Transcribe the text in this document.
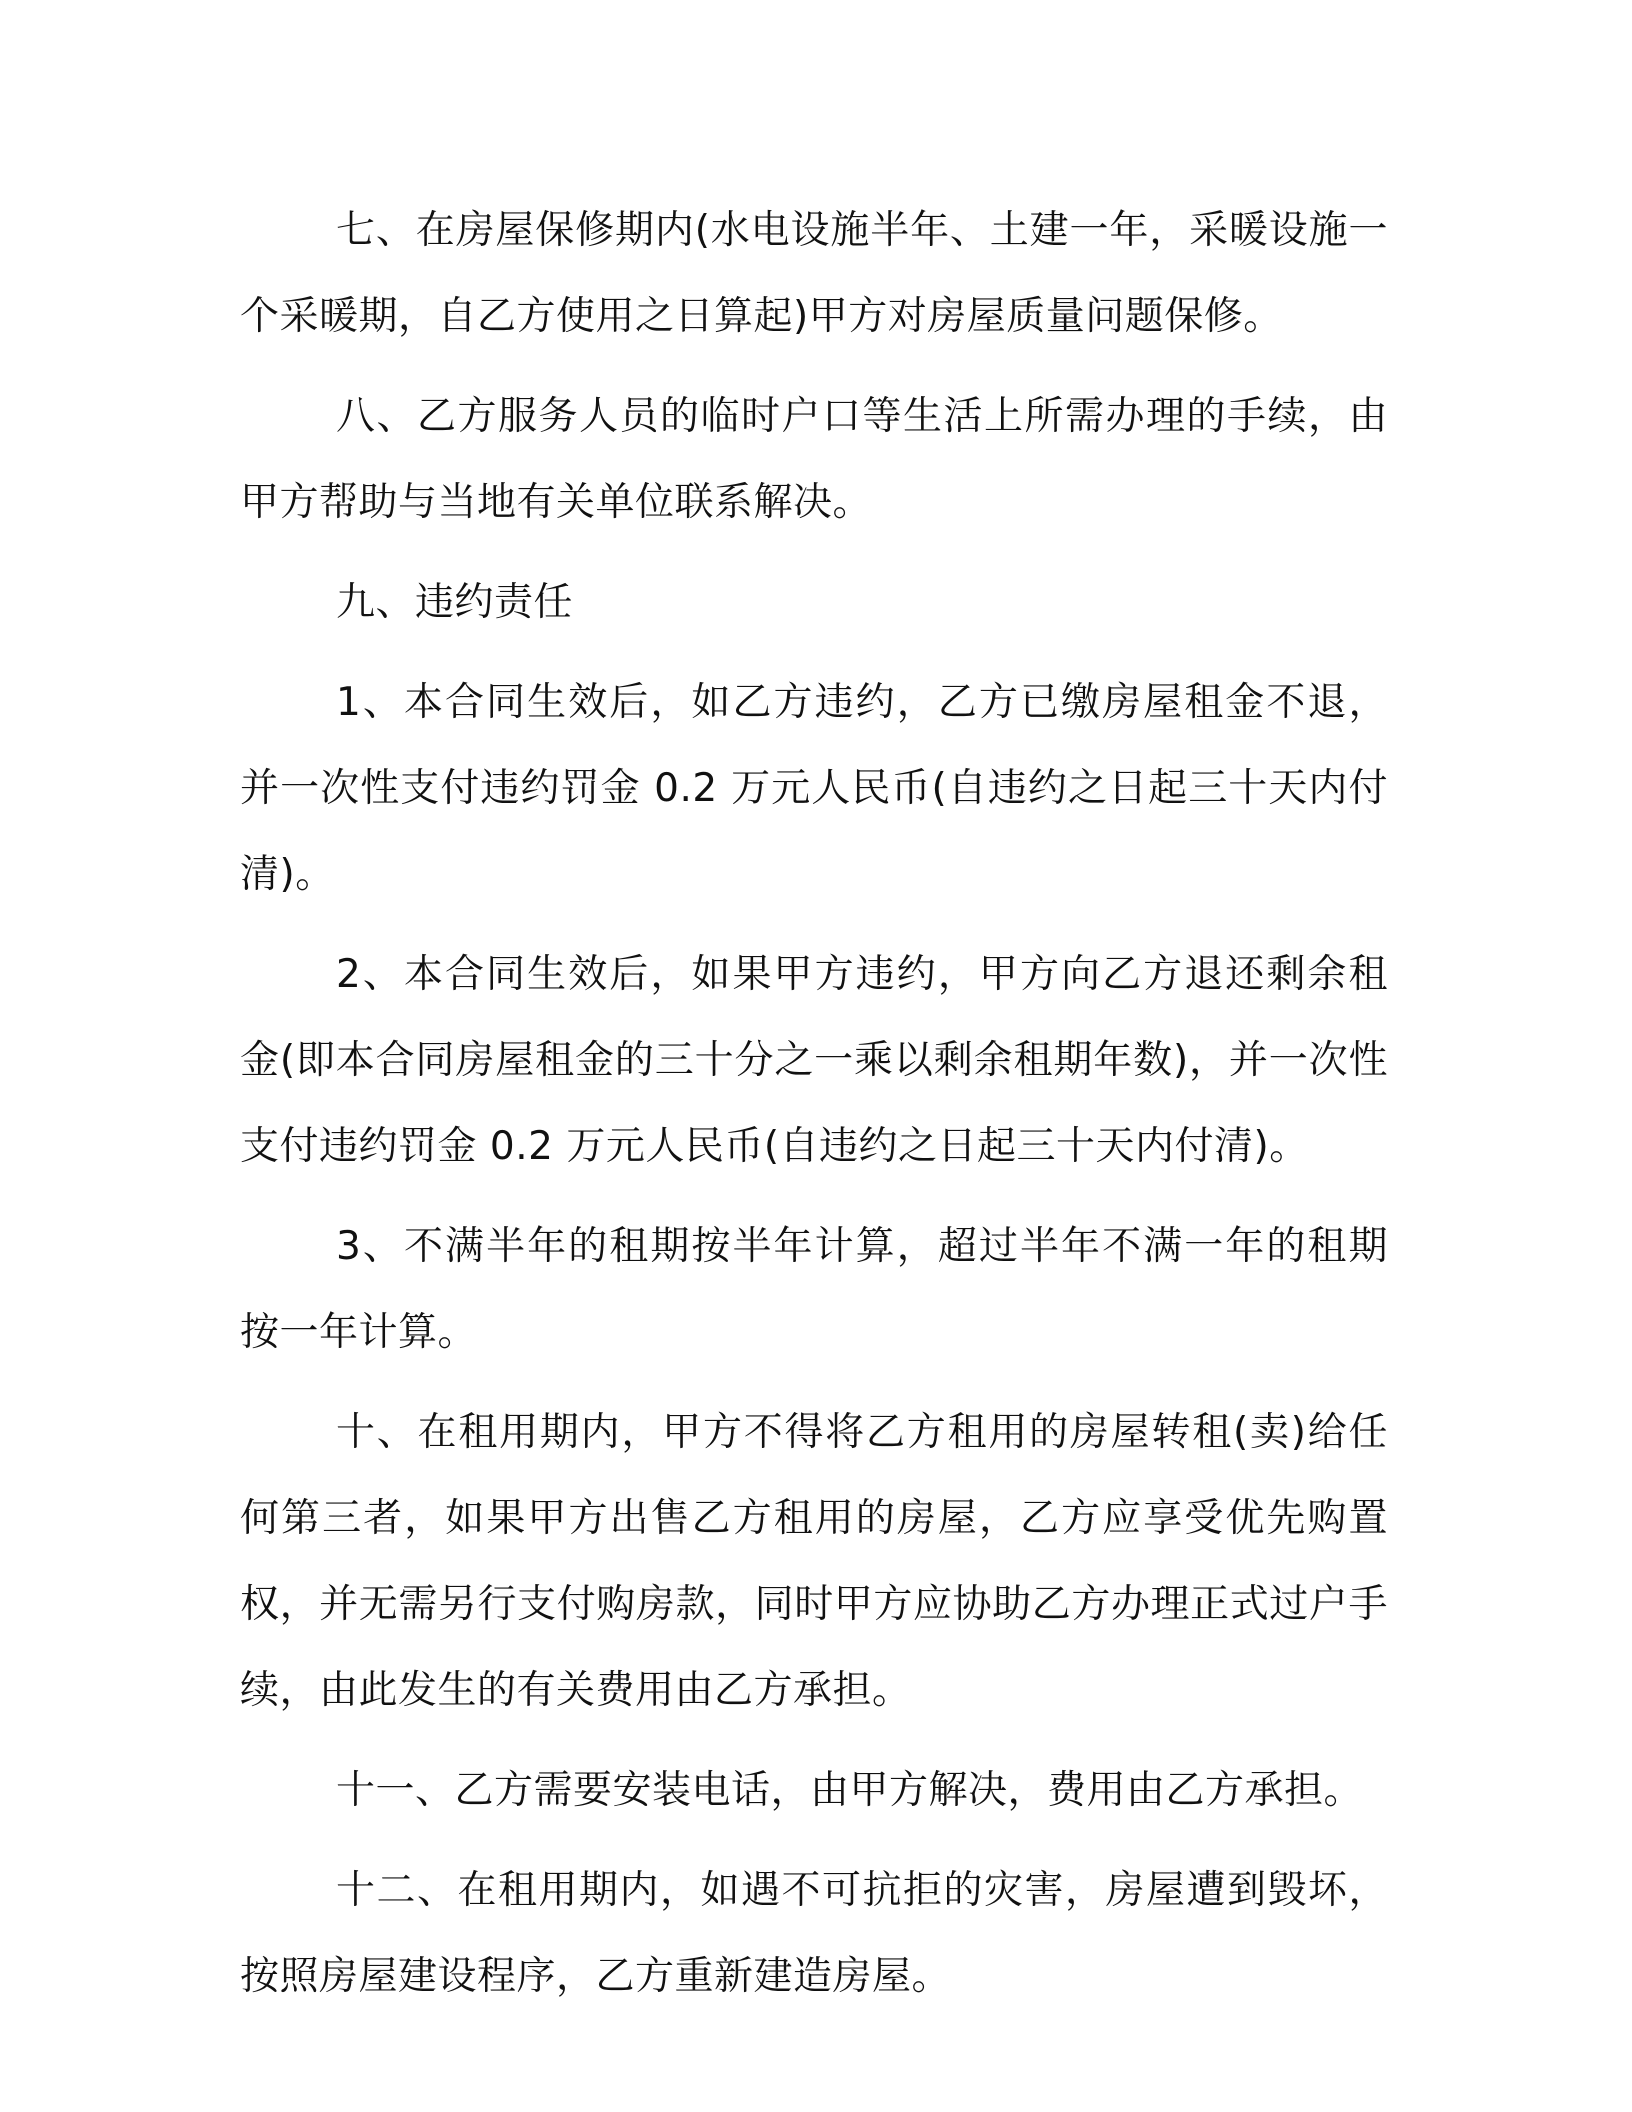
七、在房屋保修期内(水电设施半年、土建一年，采暖设施一个采暖期，自乙方使用之日算起)甲方对房屋质量问题保修。

八、乙方服务人员的临时户口等生活上所需办理的手续，由甲方帮助与当地有关单位联系解决。

九、违约责任

1、本合同生效后，如乙方违约，乙方已缴房屋租金不退，并一次性支付违约罚金 0.2 万元人民币(自违约之日起三十天内付清)。

2、本合同生效后，如果甲方违约，甲方向乙方退还剩余租金(即本合同房屋租金的三十分之一乘以剩余租期年数)，并一次性支付违约罚金 0.2 万元人民币(自违约之日起三十天内付清)。

3、不满半年的租期按半年计算，超过半年不满一年的租期按一年计算。

十、在租用期内，甲方不得将乙方租用的房屋转租(卖)给任何第三者，如果甲方出售乙方租用的房屋，乙方应享受优先购置权，并无需另行支付购房款，同时甲方应协助乙方办理正式过户手续，由此发生的有关费用由乙方承担。

十一、乙方需要安装电话，由甲方解决，费用由乙方承担。

十二、在租用期内，如遇不可抗拒的灾害，房屋遭到毁坏，按照房屋建设程序，乙方重新建造房屋。
